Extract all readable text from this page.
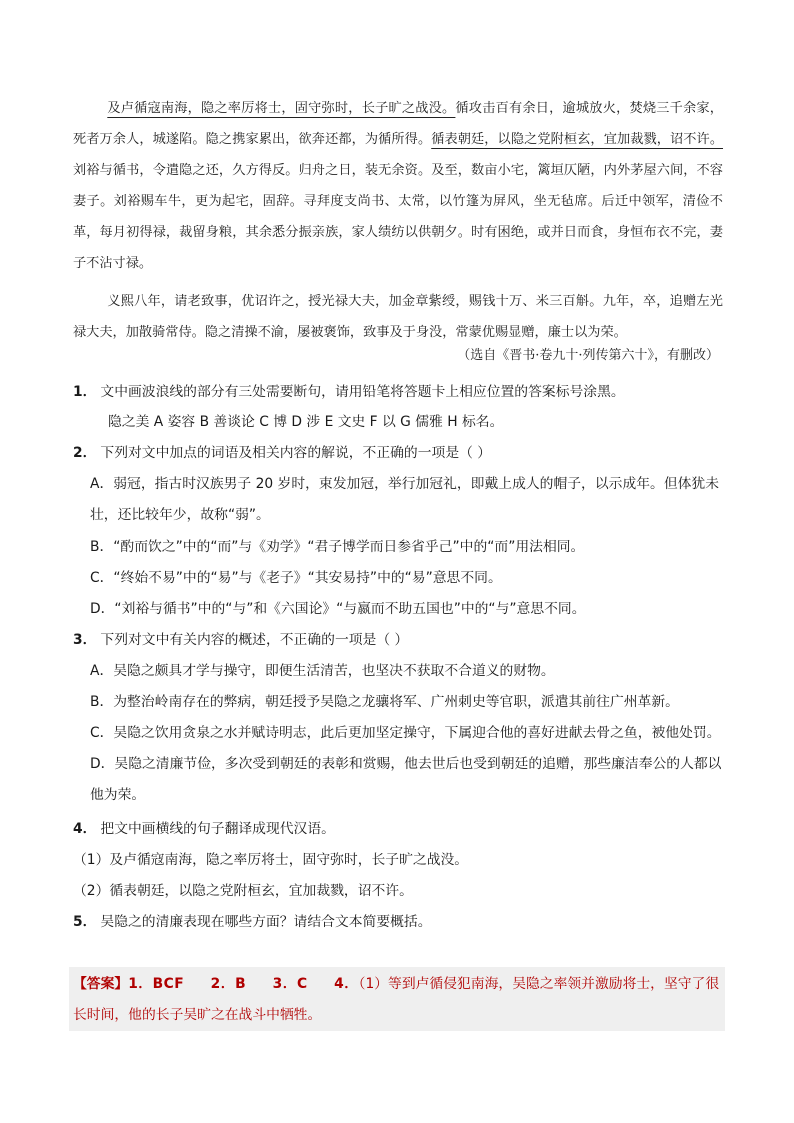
及卢循寇南海，隐之率厉将士，固守弥时，长子旷之战没。循攻击百有余日，逾城放火，焚烧三千余家，死者万余人，城遂陷。隐之携家累出，欲奔还都，为循所得。循表朝廷，以隐之党附桓玄，宜加裁戮，诏不许。刘裕与循书，令遣隐之还，久方得反。归舟之日，装无余资。及至，数亩小宅，篱垣仄陋，内外茅屋六间，不容妻子。刘裕赐车牛，更为起宅，固辞。寻拜度支尚书、太常，以竹篷为屏风，坐无毡席。后迁中领军，清俭不革，每月初得禄，裁留身粮，其余悉分振亲族，家人绩纺以供朝夕。时有困绝，或并日而食，身恒布衣不完，妻子不沾寸禄。

义熙八年，请老致事，优诏许之，授光禄大夫，加金章紫绶，赐钱十万、米三百斛。九年，卒，追赠左光禄大夫，加散骑常侍。隐之清操不渝，屡被褒饰，致事及于身没，常蒙优赐显赠，廉士以为荣。

（选自《晋书·卷九十·列传第六十》，有删改）
1． 文中画波浪线的部分有三处需要断句，请用铅笔将答题卡上相应位置的答案标号涂黑。
隐之美 A 姿容 B 善谈论 C 博 D 涉 E 文史 F 以 G 儒雅 H 标名。
2． 下列对文中加点的词语及相关内容的解说，不正确的一项是（ ）
A．弱冠，指古时汉族男子 20 岁时，束发加冠，举行加冠礼，即戴上成人的帽子，以示成年。但体犹未壮，还比较年少，故称“弱”。
B．“酌而饮之”中的“而”与《劝学》“君子博学而日参省乎己”中的“而”用法相同。
C．“终始不易”中的“易”与《老子》“其安易持”中的“易”意思不同。
D．“刘裕与循书”中的“与”和《六国论》“与嬴而不助五国也”中的“与”意思不同。
3． 下列对文中有关内容的概述，不正确的一项是（ ）
A．吴隐之颇具才学与操守，即便生活清苦，也坚决不获取不合道义的财物。
B．为整治岭南存在的弊病，朝廷授予吴隐之龙骧将军、广州刺史等官职，派遣其前往广州革新。
C．吴隐之饮用贪泉之水并赋诗明志，此后更加坚定操守，下属迎合他的喜好进献去骨之鱼，被他处罚。
D．吴隐之清廉节俭，多次受到朝廷的表彰和赏赐，他去世后也受到朝廷的追赠，那些廉洁奉公的人都以他为荣。
4． 把文中画横线的句子翻译成现代汉语。
（1）及卢循寇南海，隐之率厉将士，固守弥时，长子旷之战没。
（2）循表朝廷，以隐之党附桓玄，宜加裁戮，诏不许。
5． 吴隐之的清廉表现在哪些方面？请结合文本简要概括。
【答案】1．BCF     2．B     3．C     4．（1）等到卢循侵犯南海，吴隐之率领并激励将士，坚守了很长时间，他的长子吴旷之在战斗中牺牲。
